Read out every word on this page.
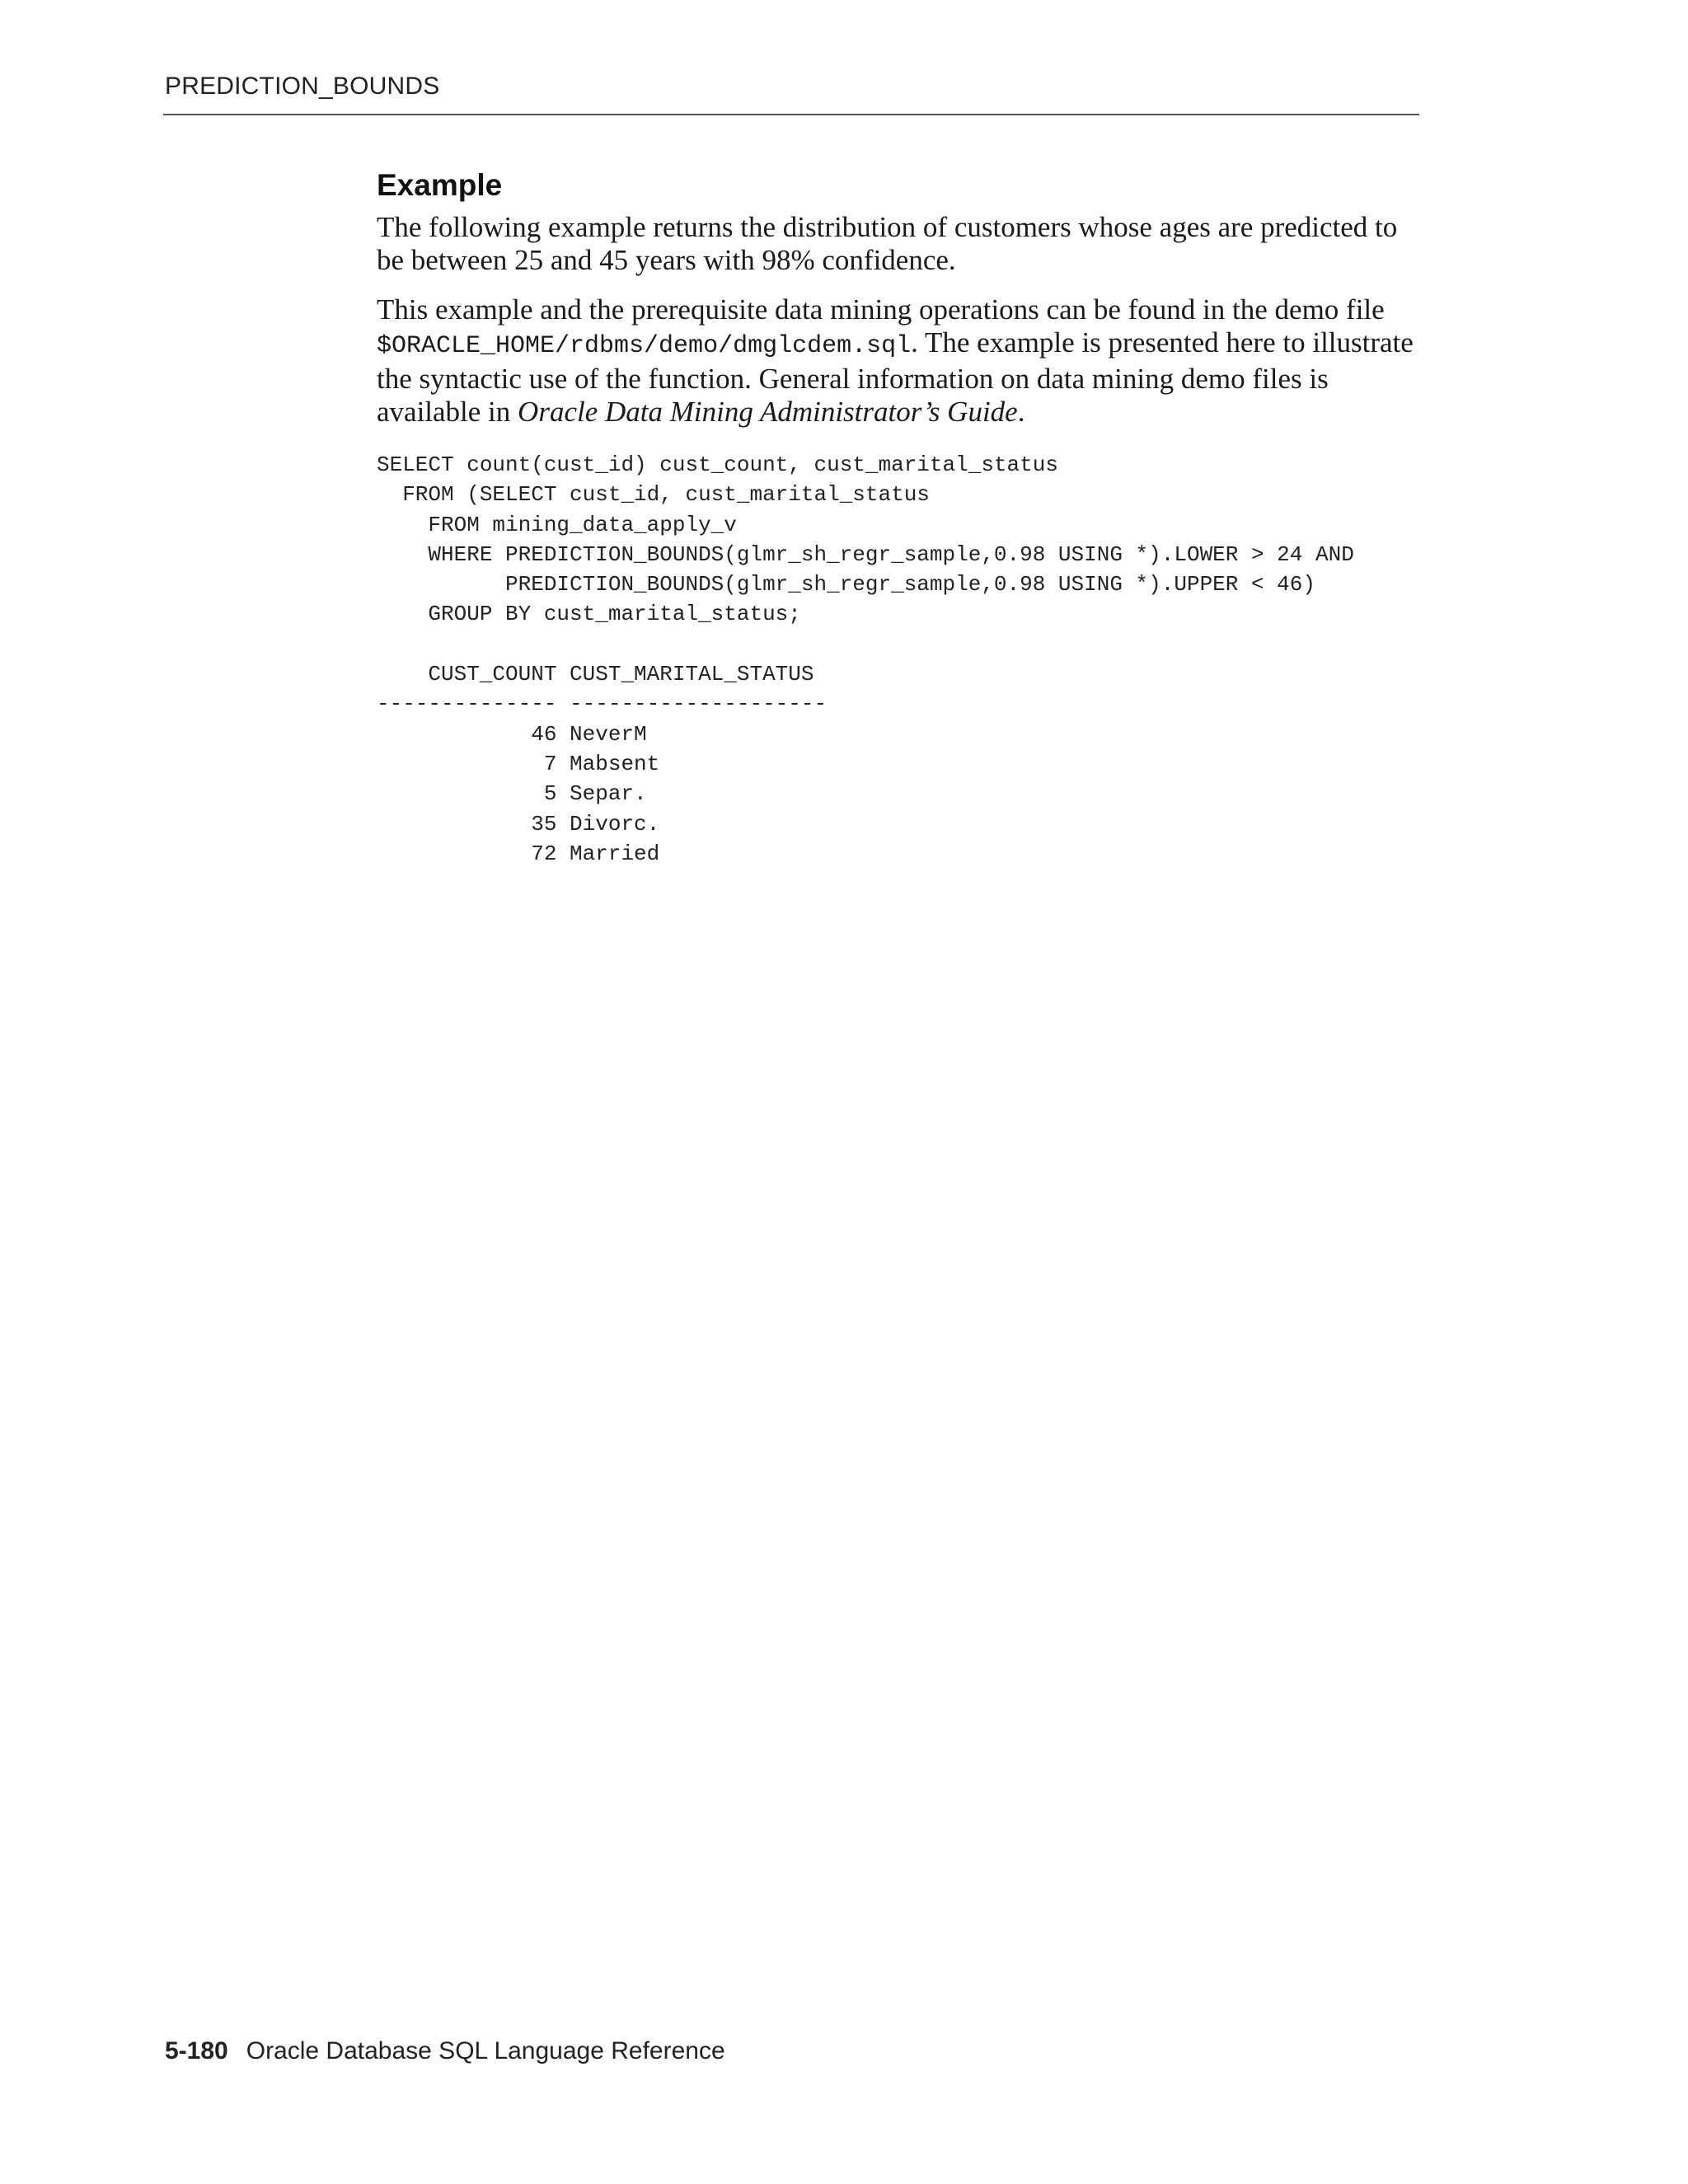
PREDICTION_BOUNDS
Example

The following example returns the distribution of customers whose ages are predicted to be between 25 and 45 years with 98% confidence.

This example and the prerequisite data mining operations can be found in the demo file $ORACLE_HOME/rdbms/demo/dmglcdem.sql. The example is presented here to illustrate the syntactic use of the function. General information on data mining demo files is available in Oracle Data Mining Administrator’s Guide.

SELECT count(cust_id) cust_count, cust_marital_status
FROM (SELECT cust_id, cust_marital_status
FROM mining_data_apply_v
WHERE PREDICTION_BOUNDS(glmr_sh_regr_sample,0.98 USING *).LOWER > 24 AND
PREDICTION_BOUNDS(glmr_sh_regr_sample,0.98 USING *).UPPER < 46)
GROUP BY cust_marital_status;

CUST_COUNT CUST_MARITAL_STATUS
-------------- --------------------
46 NeverM
7 Mabsent
5 Separ.
35 Divorc.
72 Married
5-180 Oracle Database SQL Language Reference
